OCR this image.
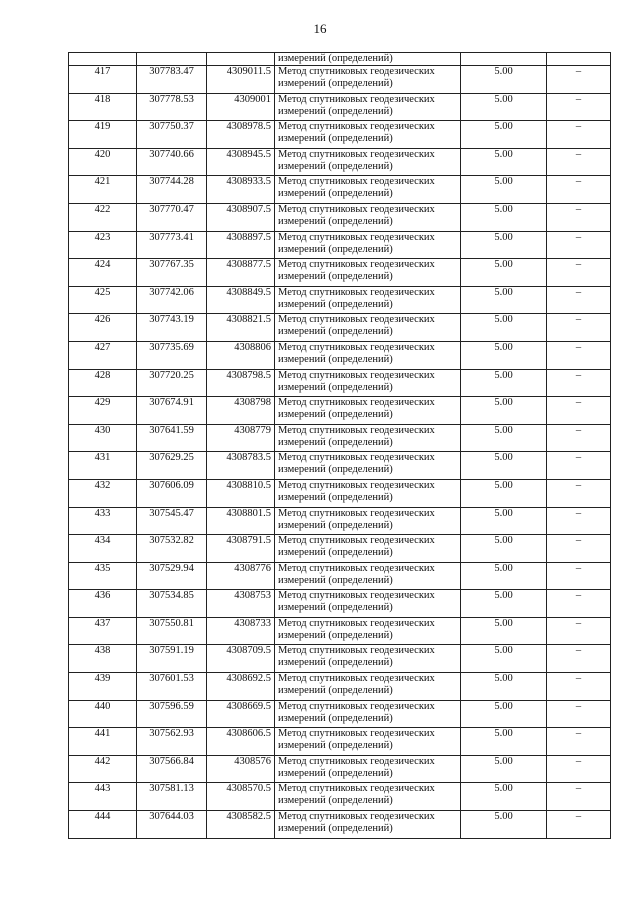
16
			измерений (определений)		
417	307783.47	4309011.5	Метод спутниковых геодезических
измерений (определений)	5.00	–
418	307778.53	4309001	Метод спутниковых геодезических
измерений (определений)	5.00	–
419	307750.37	4308978.5	Метод спутниковых геодезических
измерений (определений)	5.00	–
420	307740.66	4308945.5	Метод спутниковых геодезических
измерений (определений)	5.00	–
421	307744.28	4308933.5	Метод спутниковых геодезических
измерений (определений)	5.00	–
422	307770.47	4308907.5	Метод спутниковых геодезических
измерений (определений)	5.00	–
423	307773.41	4308897.5	Метод спутниковых геодезических
измерений (определений)	5.00	–
424	307767.35	4308877.5	Метод спутниковых геодезических
измерений (определений)	5.00	–
425	307742.06	4308849.5	Метод спутниковых геодезических
измерений (определений)	5.00	–
426	307743.19	4308821.5	Метод спутниковых геодезических
измерений (определений)	5.00	–
427	307735.69	4308806	Метод спутниковых геодезических
измерений (определений)	5.00	–
428	307720.25	4308798.5	Метод спутниковых геодезических
измерений (определений)	5.00	–
429	307674.91	4308798	Метод спутниковых геодезических
измерений (определений)	5.00	–
430	307641.59	4308779	Метод спутниковых геодезических
измерений (определений)	5.00	–
431	307629.25	4308783.5	Метод спутниковых геодезических
измерений (определений)	5.00	–
432	307606.09	4308810.5	Метод спутниковых геодезических
измерений (определений)	5.00	–
433	307545.47	4308801.5	Метод спутниковых геодезических
измерений (определений)	5.00	–
434	307532.82	4308791.5	Метод спутниковых геодезических
измерений (определений)	5.00	–
435	307529.94	4308776	Метод спутниковых геодезических
измерений (определений)	5.00	–
436	307534.85	4308753	Метод спутниковых геодезических
измерений (определений)	5.00	–
437	307550.81	4308733	Метод спутниковых геодезических
измерений (определений)	5.00	–
438	307591.19	4308709.5	Метод спутниковых геодезических
измерений (определений)	5.00	–
439	307601.53	4308692.5	Метод спутниковых геодезических
измерений (определений)	5.00	–
440	307596.59	4308669.5	Метод спутниковых геодезических
измерений (определений)	5.00	–
441	307562.93	4308606.5	Метод спутниковых геодезических
измерений (определений)	5.00	–
442	307566.84	4308576	Метод спутниковых геодезических
измерений (определений)	5.00	–
443	307581.13	4308570.5	Метод спутниковых геодезических
измерений (определений)	5.00	–
444	307644.03	4308582.5	Метод спутниковых геодезических
измерений (определений)	5.00	–
